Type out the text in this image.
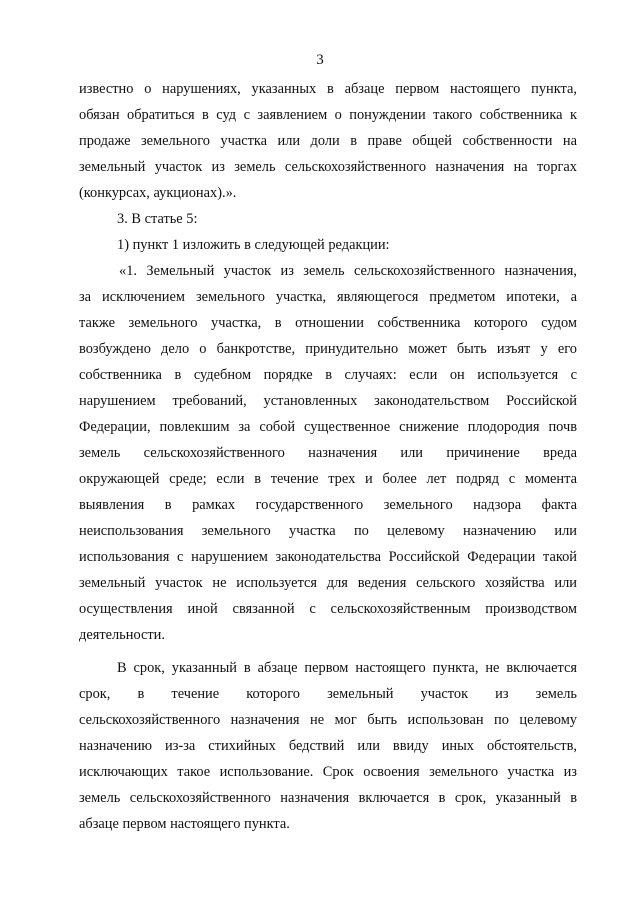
3
известно о нарушениях, указанных в абзаце первом настоящего пункта,
обязан обратиться в суд с заявлением о понуждении такого собственника к
продаже земельного участка или доли в праве общей собственности на
земельный участок из земель сельскохозяйственного назначения на торгах
(конкурсах, аукционах).».
3. В статье 5:
1) пункт 1 изложить в следующей редакции:
«1. Земельный участок из земель сельскохозяйственного назначения,
за исключением земельного участка, являющегося предметом ипотеки, а
также земельного участка, в отношении собственника которого судом
возбуждено дело о банкротстве, принудительно может быть изъят у его
собственника в судебном порядке в случаях: если он используется с
нарушением требований, установленных законодательством Российской
Федерации, повлекшим за собой существенное снижение плодородия почв
земель сельскохозяйственного назначения или причинение вреда
окружающей среде; если в течение трех и более лет подряд с момента
выявления в рамках государственного земельного надзора факта
неиспользования земельного участка по целевому назначению или
использования с нарушением законодательства Российской Федерации такой
земельный участок не используется для ведения сельского хозяйства или
осуществления иной связанной с сельскохозяйственным производством
деятельности.
В срок, указанный в абзаце первом настоящего пункта, не включается
срок, в течение которого земельный участок из земель
сельскохозяйственного назначения не мог быть использован по целевому
назначению из-за стихийных бедствий или ввиду иных обстоятельств,
исключающих такое использование. Срок освоения земельного участка из
земель сельскохозяйственного назначения включается в срок, указанный в
абзаце первом настоящего пункта.
